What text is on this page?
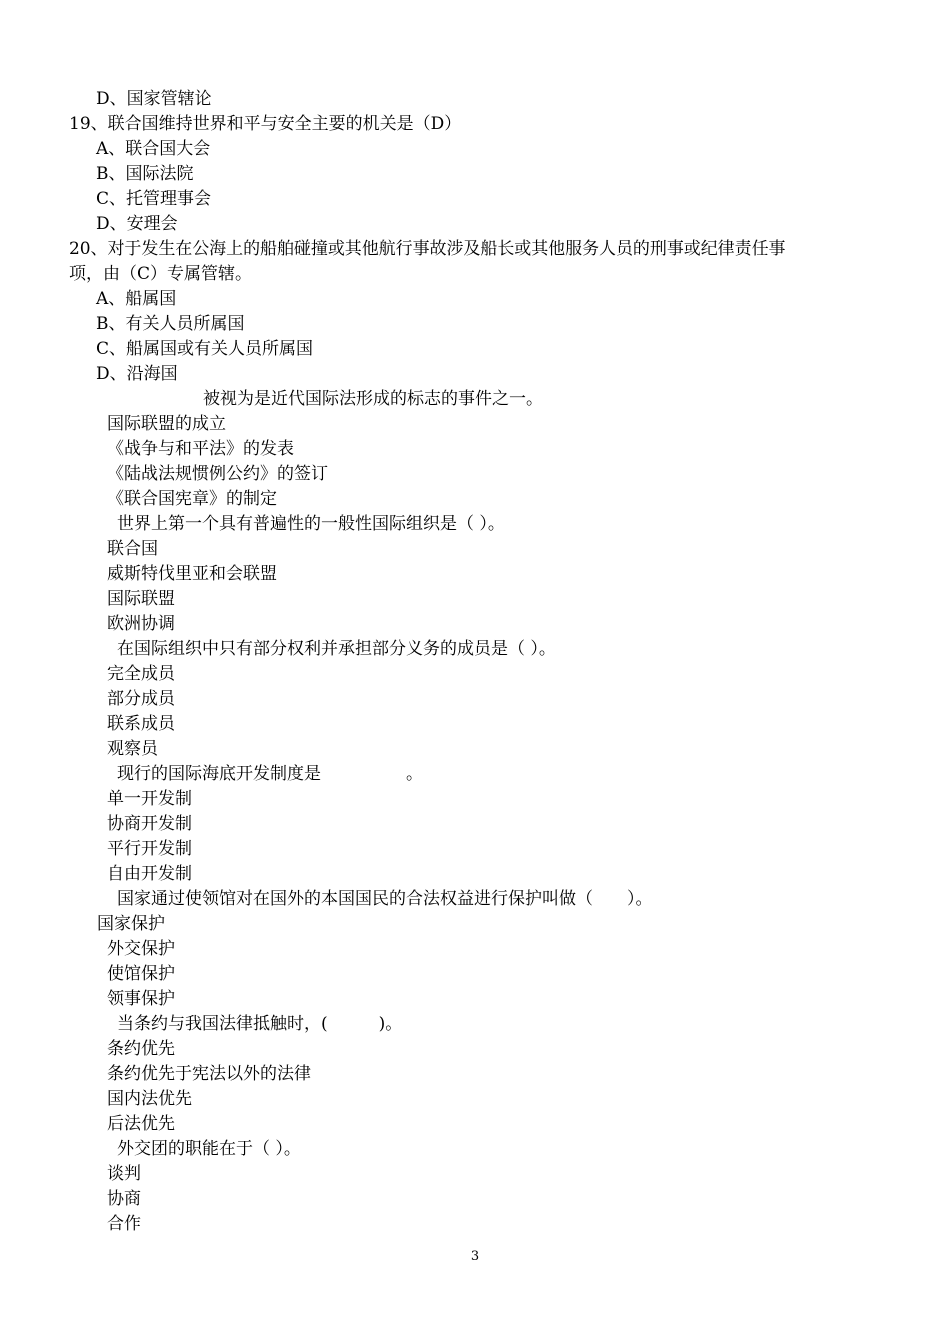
D、国家管辖论
19、联合国维持世界和平与安全主要的机关是（D）
A、联合国大会
B、国际法院
C、托管理事会
D、安理会
20、对于发生在公海上的船舶碰撞或其他航行事故涉及船长或其他服务人员的刑事或纪律责任事
项，由（C）专属管辖。
A、船属国
B、有关人员所属国
C、船属国或有关人员所属国
D、沿海国
被视为是近代国际法形成的标志的事件之一。
国际联盟的成立
《战争与和平法》的发表
《陆战法规惯例公约》的签订
《联合国宪章》的制定
世界上第一个具有普遍性的一般性国际组织是（ ）。
联合国
威斯特伐里亚和会联盟
国际联盟
欧洲协调
在国际组织中只有部分权利并承担部分义务的成员是（ ）。
完全成员
部分成员
联系成员
观察员
现行的国际海底开发制度是　　　　　。
单一开发制
协商开发制
平行开发制
自由开发制
国家通过使领馆对在国外的本国国民的合法权益进行保护叫做（　　）。
国家保护
外交保护
使馆保护
领事保护
当条约与我国法律抵触时，(　　　)。
条约优先
条约优先于宪法以外的法律
国内法优先
后法优先
外交团的职能在于（ ）。
谈判
协商
合作
3
